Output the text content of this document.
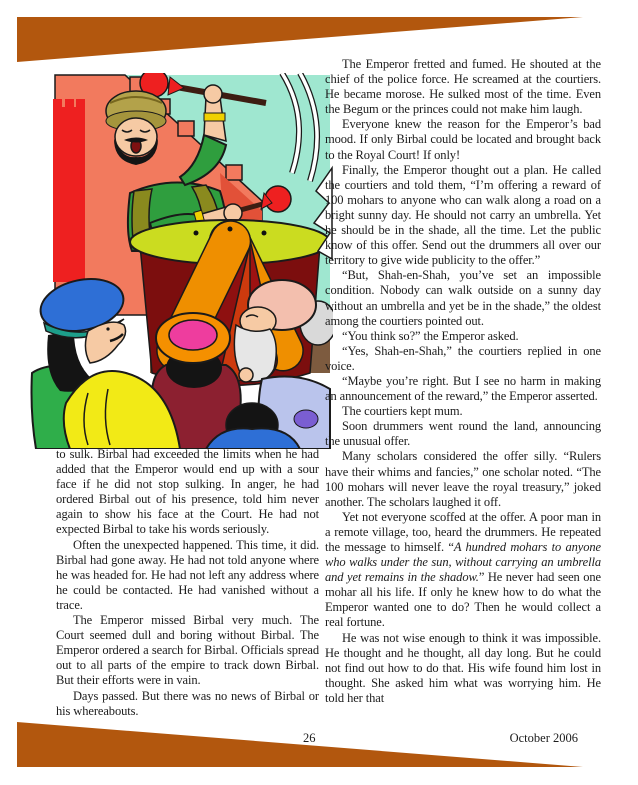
to sulk. Birbal had exceeded the limits when he had added that the Emperor would end up with a sour face if he did not stop sulking. In anger, he had ordered Birbal out of his presence, told him never again to show his face at the Court. He had not expected Birbal to take his words seriously.

Often the unexpected happened. This time, it did. Birbal had gone away. He had not told anyone where he was headed for. He had not left any address where he could be contacted. He had vanished without a trace.

The Emperor missed Birbal very much. The Court seemed dull and boring without Birbal. The Emperor ordered a search for Birbal. Officials spread out to all parts of the empire to track down Birbal. But their efforts were in vain.

Days passed. But there was no news of Birbal or his whereabouts.

The Emperor fretted and fumed. He shouted at the chief of the police force. He screamed at the courtiers. He became morose. He sulked most of the time. Even the Begum or the princes could not make him laugh.

Everyone knew the reason for the Emperor’s bad mood. If only Birbal could be located and brought back to the Royal Court! If only!

Finally, the Emperor thought out a plan. He called the courtiers and told them, “I’m offering a reward of 100 mohars to anyone who can walk along a road on a bright sunny day. He should not carry an umbrella. Yet he should be in the shade, all the time. Let the public know of this offer. Send out the drummers all over our territory to give wide publicity to the offer.”

“But, Shah-en-Shah, you’ve set an impossible condition. Nobody can walk outside on a sunny day without an umbrella and yet be in the shade,” the oldest among the courtiers pointed out.

“You think so?” the Emperor asked.

“Yes, Shah-en-Shah,” the courtiers replied in one voice.

“Maybe you’re right. But I see no harm in making an announcement of the reward,” the Emperor asserted.

The courtiers kept mum.

Soon drummers went round the land, announcing the unusual offer.

Many scholars considered the offer silly. “Rulers have their whims and fancies,” one scholar noted. “The 100 mohars will never leave the royal treasury,” joked another. The scholars laughed it off.

Yet not everyone scoffed at the offer. A poor man in a remote village, too, heard the drummers. He repeated the message to himself. “A hundred mohars to anyone who walks under the sun, without carrying an umbrella and yet remains in the shadow.” He never had seen one mohar all his life. If only he knew how to do what the Emperor wanted one to do? Then he would collect a real fortune.

He was not wise enough to think it was impossible. He thought and he thought, all day long. But he could not find out how to do that. His wife found him lost in thought. She asked him what was worrying him. He told her that

26	October 2006
